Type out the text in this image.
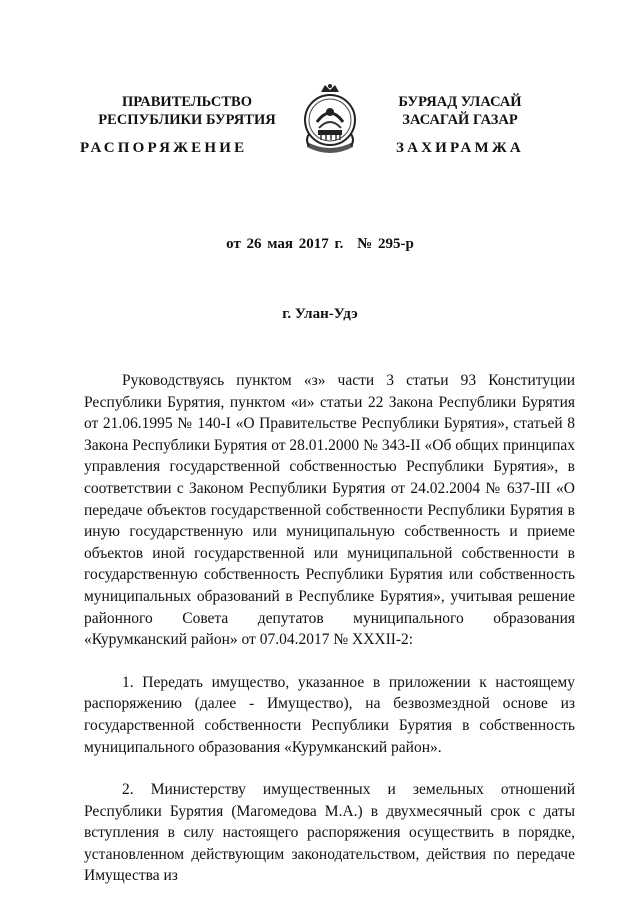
ПРАВИТЕЛЬСТВО
РЕСПУБЛИКИ БУРЯТИЯ
БУРЯАД УЛАСАЙ
ЗАСАГАЙ ГАЗАР
РАСПОРЯЖЕНИЕ	ЗАХИРАМЖА
от 26 мая 2017 г. № 295-р
г. Улан-Удэ

Руководствуясь пунктом «з» части 3 статьи 93 Конституции Республики Бурятия, пунктом «и» статьи 22 Закона Республики Бурятия от 21.06.1995 № 140-I «О Правительстве Республики Бурятия», статьей 8 Закона Республики Бурятия от 28.01.2000 № 343-II «Об общих принципах управления государственной собственностью Республики Бурятия», в соответствии с Законом Республики Бурятия от 24.02.2004 № 637-III «О передаче объектов государственной собственности Республики Бурятия в иную государственную или муниципальную собственность и приеме объектов иной государственной или муниципальной собственности в государственную собственность Республики Бурятия или собственность муниципальных образований в Республике Бурятия», учитывая решение районного Совета депутатов муниципального образования «Курумканский район» от 07.04.2017 № XXXII-2:

1. Передать имущество, указанное в приложении к настоящему распоряжению (далее - Имущество), на безвозмездной основе из государственной собственности Республики Бурятия в собственность муниципального образования «Курумканский район».

2. Министерству имущественных и земельных отношений Республики Бурятия (Магомедова М.А.) в двухмесячный срок с даты вступления в силу настоящего распоряжения осуществить в порядке, установленном действующим законодательством, действия по передаче Имущества из
